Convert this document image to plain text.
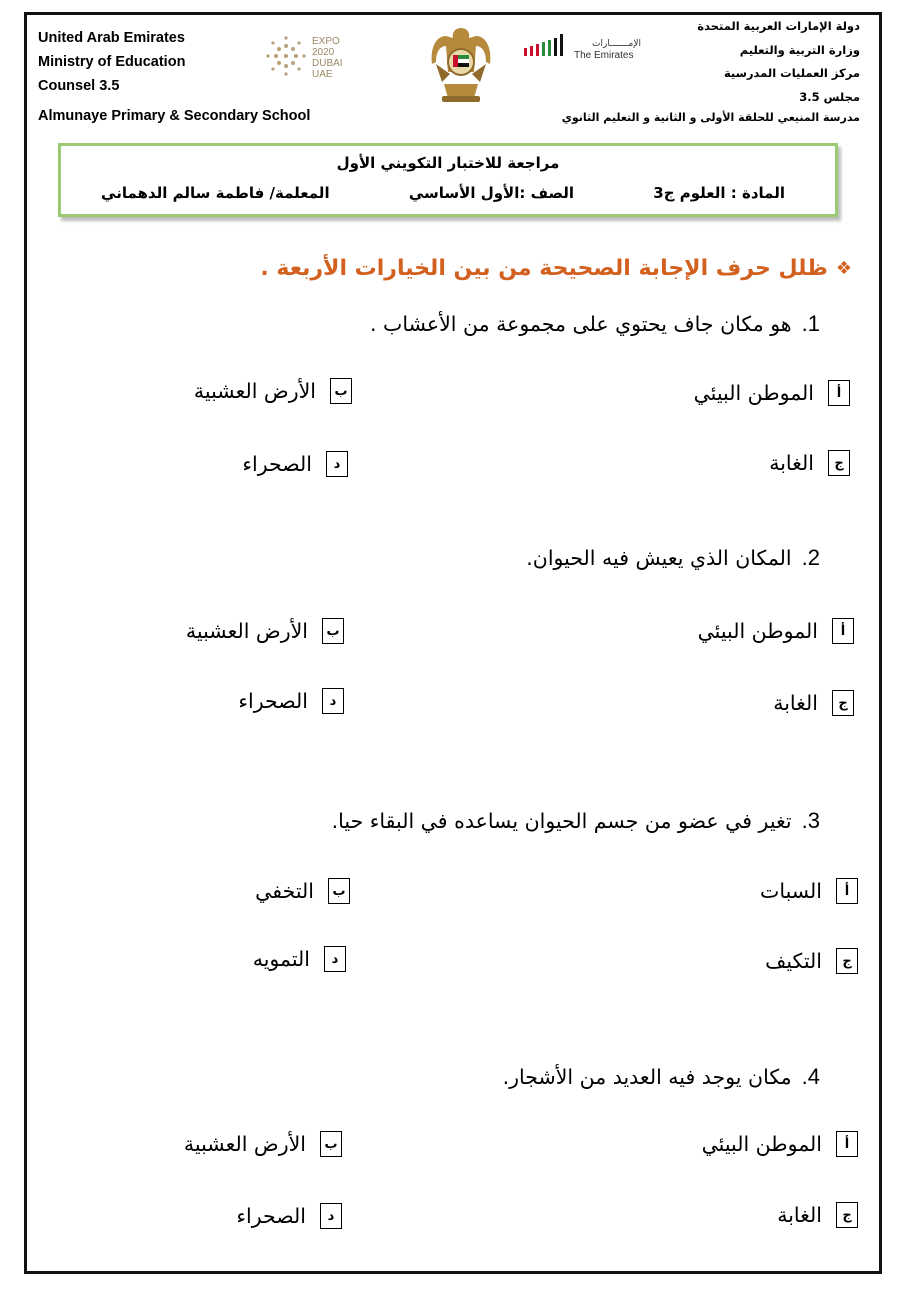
United Arab Emirates
Ministry of Education
Counsel 3.5
Almunaye Primary & Secondary School
EXPO
2020
DUBAI
UAE
الإمـــــــارات
The Emirates
دولة الإمارات العربية المتحدة
وزارة التربية والتعليم
مركز العمليات المدرسية
مجلس 3.5
مدرسة المنيعي للحلقة الأولى و الثانية و التعليم الثانوي
مراجعة للاختبار التكويني الأول
المادة : العلوم ج3
الصف :الأول الأساسي
المعلمة/ فاطمة سالم الدهماني
❖
ظلل حرف الإجابة الصحيحة من بين الخيارات الأربعة .
1.
هو مكان جاف يحتوي على مجموعة من الأعشاب .
أ
الموطن البيئي
ب
الأرض العشبية
ج
الغابة
د
الصحراء
2.
المكان الذي يعيش فيه الحيوان.
أ
الموطن البيئي
ب
الأرض العشبية
ج
الغابة
د
الصحراء
3.
تغير في عضو من جسم الحيوان يساعده في البقاء حيا.
أ
السبات
ب
التخفي
ج
التكيف
د
التمويه
4.
مكان يوجد فيه العديد من الأشجار.
أ
الموطن البيئي
ب
الأرض العشبية
ج
الغابة
د
الصحراء
